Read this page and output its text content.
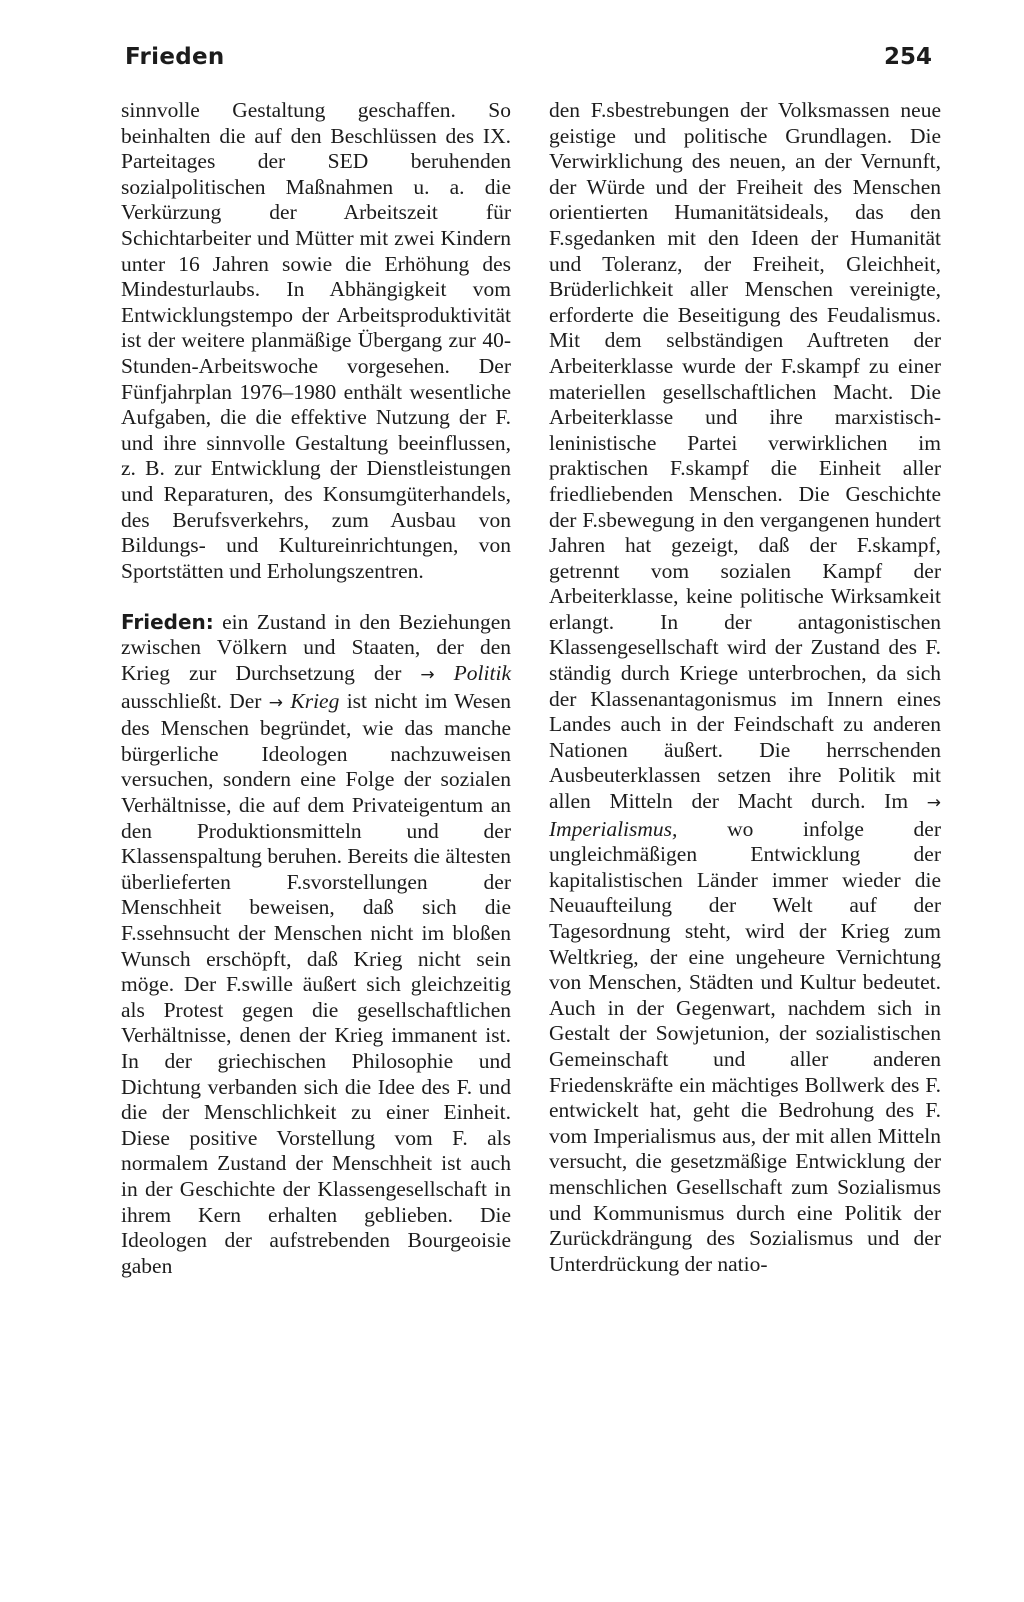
Frieden	254

sinnvolle Gestaltung geschaffen. So beinhalten die auf den Beschlüssen des IX. Parteitages der SED beruhenden sozialpolitischen Maßnahmen u. a. die Verkürzung der Arbeitszeit für Schichtarbeiter und Mütter mit zwei Kindern unter 16 Jahren sowie die Erhöhung des Mindesturlaubs. In Abhängigkeit vom Entwicklungstempo der Arbeitsproduktivität ist der weitere planmäßige Übergang zur 40-Stunden-Arbeitswoche vorgesehen. Der Fünfjahrplan 1976–1980 enthält wesentliche Aufgaben, die die effektive Nutzung der F. und ihre sinnvolle Gestaltung beeinflussen, z. B. zur Entwicklung der Dienstleistungen und Reparaturen, des Konsumgüterhandels, des Berufsverkehrs, zum Ausbau von Bildungs- und Kultureinrichtungen, von Sportstätten und Erholungszentren.

Frieden: ein Zustand in den Beziehungen zwischen Völkern und Staaten, der den Krieg zur Durchsetzung der → Politik ausschließt. Der → Krieg ist nicht im Wesen des Menschen begründet, wie das manche bürgerliche Ideologen nachzuweisen versuchen, sondern eine Folge der sozialen Verhältnisse, die auf dem Privateigentum an den Produktionsmitteln und der Klassenspaltung beruhen. Bereits die ältesten überlieferten F.svorstellungen der Menschheit beweisen, daß sich die F.ssehnsucht der Menschen nicht im bloßen Wunsch erschöpft, daß Krieg nicht sein möge. Der F.swille äußert sich gleichzeitig als Protest gegen die gesellschaftlichen Verhältnisse, denen der Krieg immanent ist. In der griechischen Philosophie und Dichtung verbanden sich die Idee des F. und die der Menschlichkeit zu einer Einheit. Diese positive Vorstellung vom F. als normalem Zustand der Menschheit ist auch in der Geschichte der Klassengesellschaft in ihrem Kern erhalten geblieben. Die Ideologen der aufstrebenden Bourgeoisie gaben

den F.sbestrebungen der Volksmassen neue geistige und politische Grundlagen. Die Verwirklichung des neuen, an der Vernunft, der Würde und der Freiheit des Menschen orientierten Humanitätsideals, das den F.sgedanken mit den Ideen der Humanität und Toleranz, der Freiheit, Gleichheit, Brüderlichkeit aller Menschen vereinigte, erforderte die Beseitigung des Feudalismus. Mit dem selbständigen Auftreten der Arbeiterklasse wurde der F.skampf zu einer materiellen gesellschaftlichen Macht. Die Arbeiterklasse und ihre marxistisch-leninistische Partei verwirklichen im praktischen F.skampf die Einheit aller friedliebenden Menschen. Die Geschichte der F.sbewegung in den vergangenen hundert Jahren hat gezeigt, daß der F.skampf, getrennt vom sozialen Kampf der Arbeiterklasse, keine politische Wirksamkeit erlangt. In der antagonistischen Klassengesellschaft wird der Zustand des F. ständig durch Kriege unterbrochen, da sich der Klassenantagonismus im Innern eines Landes auch in der Feindschaft zu anderen Nationen äußert. Die herrschenden Ausbeuterklassen setzen ihre Politik mit allen Mitteln der Macht durch. Im → Imperialismus, wo infolge der ungleichmäßigen Entwicklung der kapitalistischen Länder immer wieder die Neuaufteilung der Welt auf der Tagesordnung steht, wird der Krieg zum Weltkrieg, der eine ungeheure Vernichtung von Menschen, Städten und Kultur bedeutet. Auch in der Gegenwart, nachdem sich in Gestalt der Sowjetunion, der sozialistischen Gemeinschaft und aller anderen Friedenskräfte ein mächtiges Bollwerk des F. entwickelt hat, geht die Bedrohung des F. vom Imperialismus aus, der mit allen Mitteln versucht, die gesetzmäßige Entwicklung der menschlichen Gesellschaft zum Sozialismus und Kommunismus durch eine Politik der Zurückdrängung des Sozialismus und der Unterdrückung der natio-
